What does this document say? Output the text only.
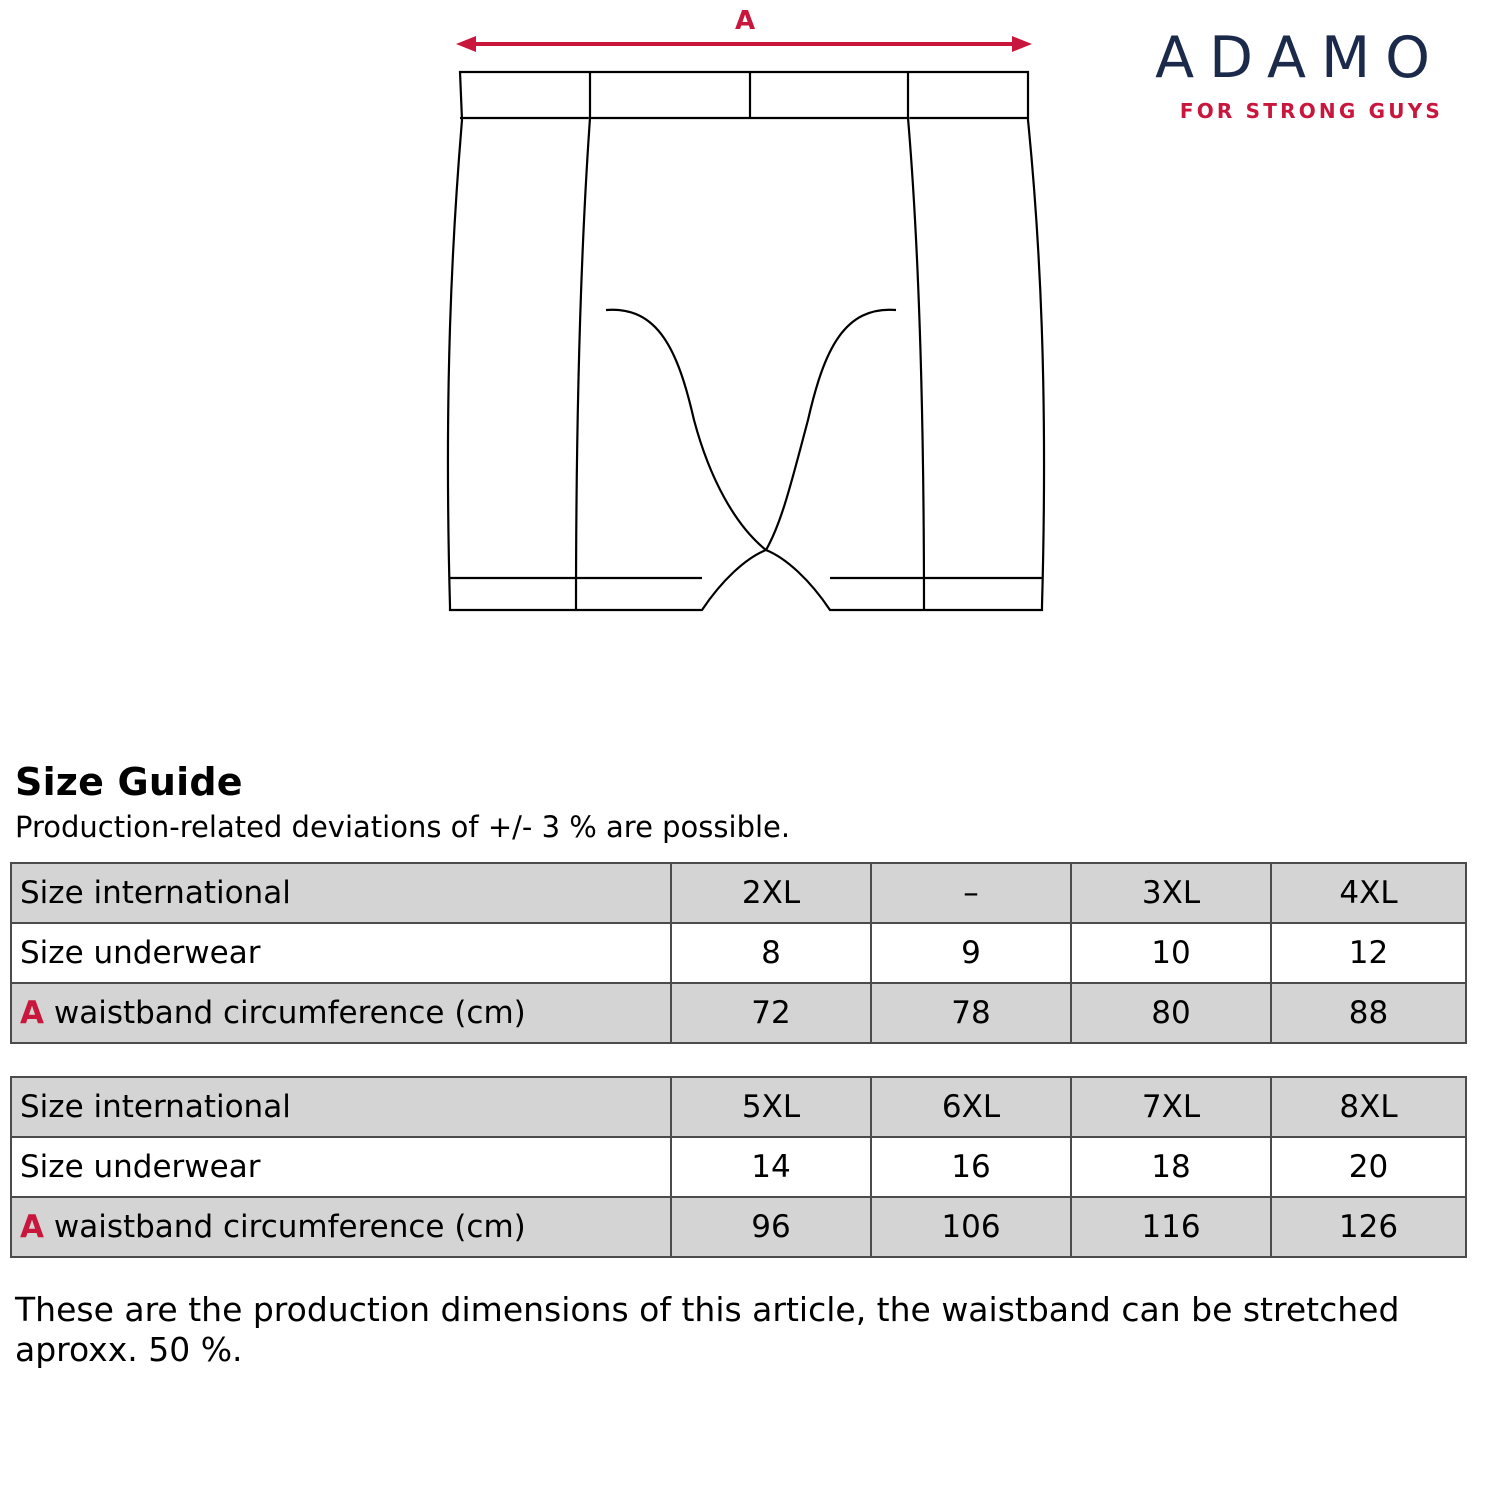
A
ADAMO
FOR STRONG GUYS
Size Guide
Production-related deviations of +/- 3 % are possible.
Size international	2XL	–	3XL	4XL
Size underwear	8	9	10	12
A waistband circumference (cm)	72	78	80	88
Size international	5XL	6XL	7XL	8XL
Size underwear	14	16	18	20
A waistband circumference (cm)	96	106	116	126
These are the production dimensions of this article, the waistband can be stretched aproxx. 50 %.
